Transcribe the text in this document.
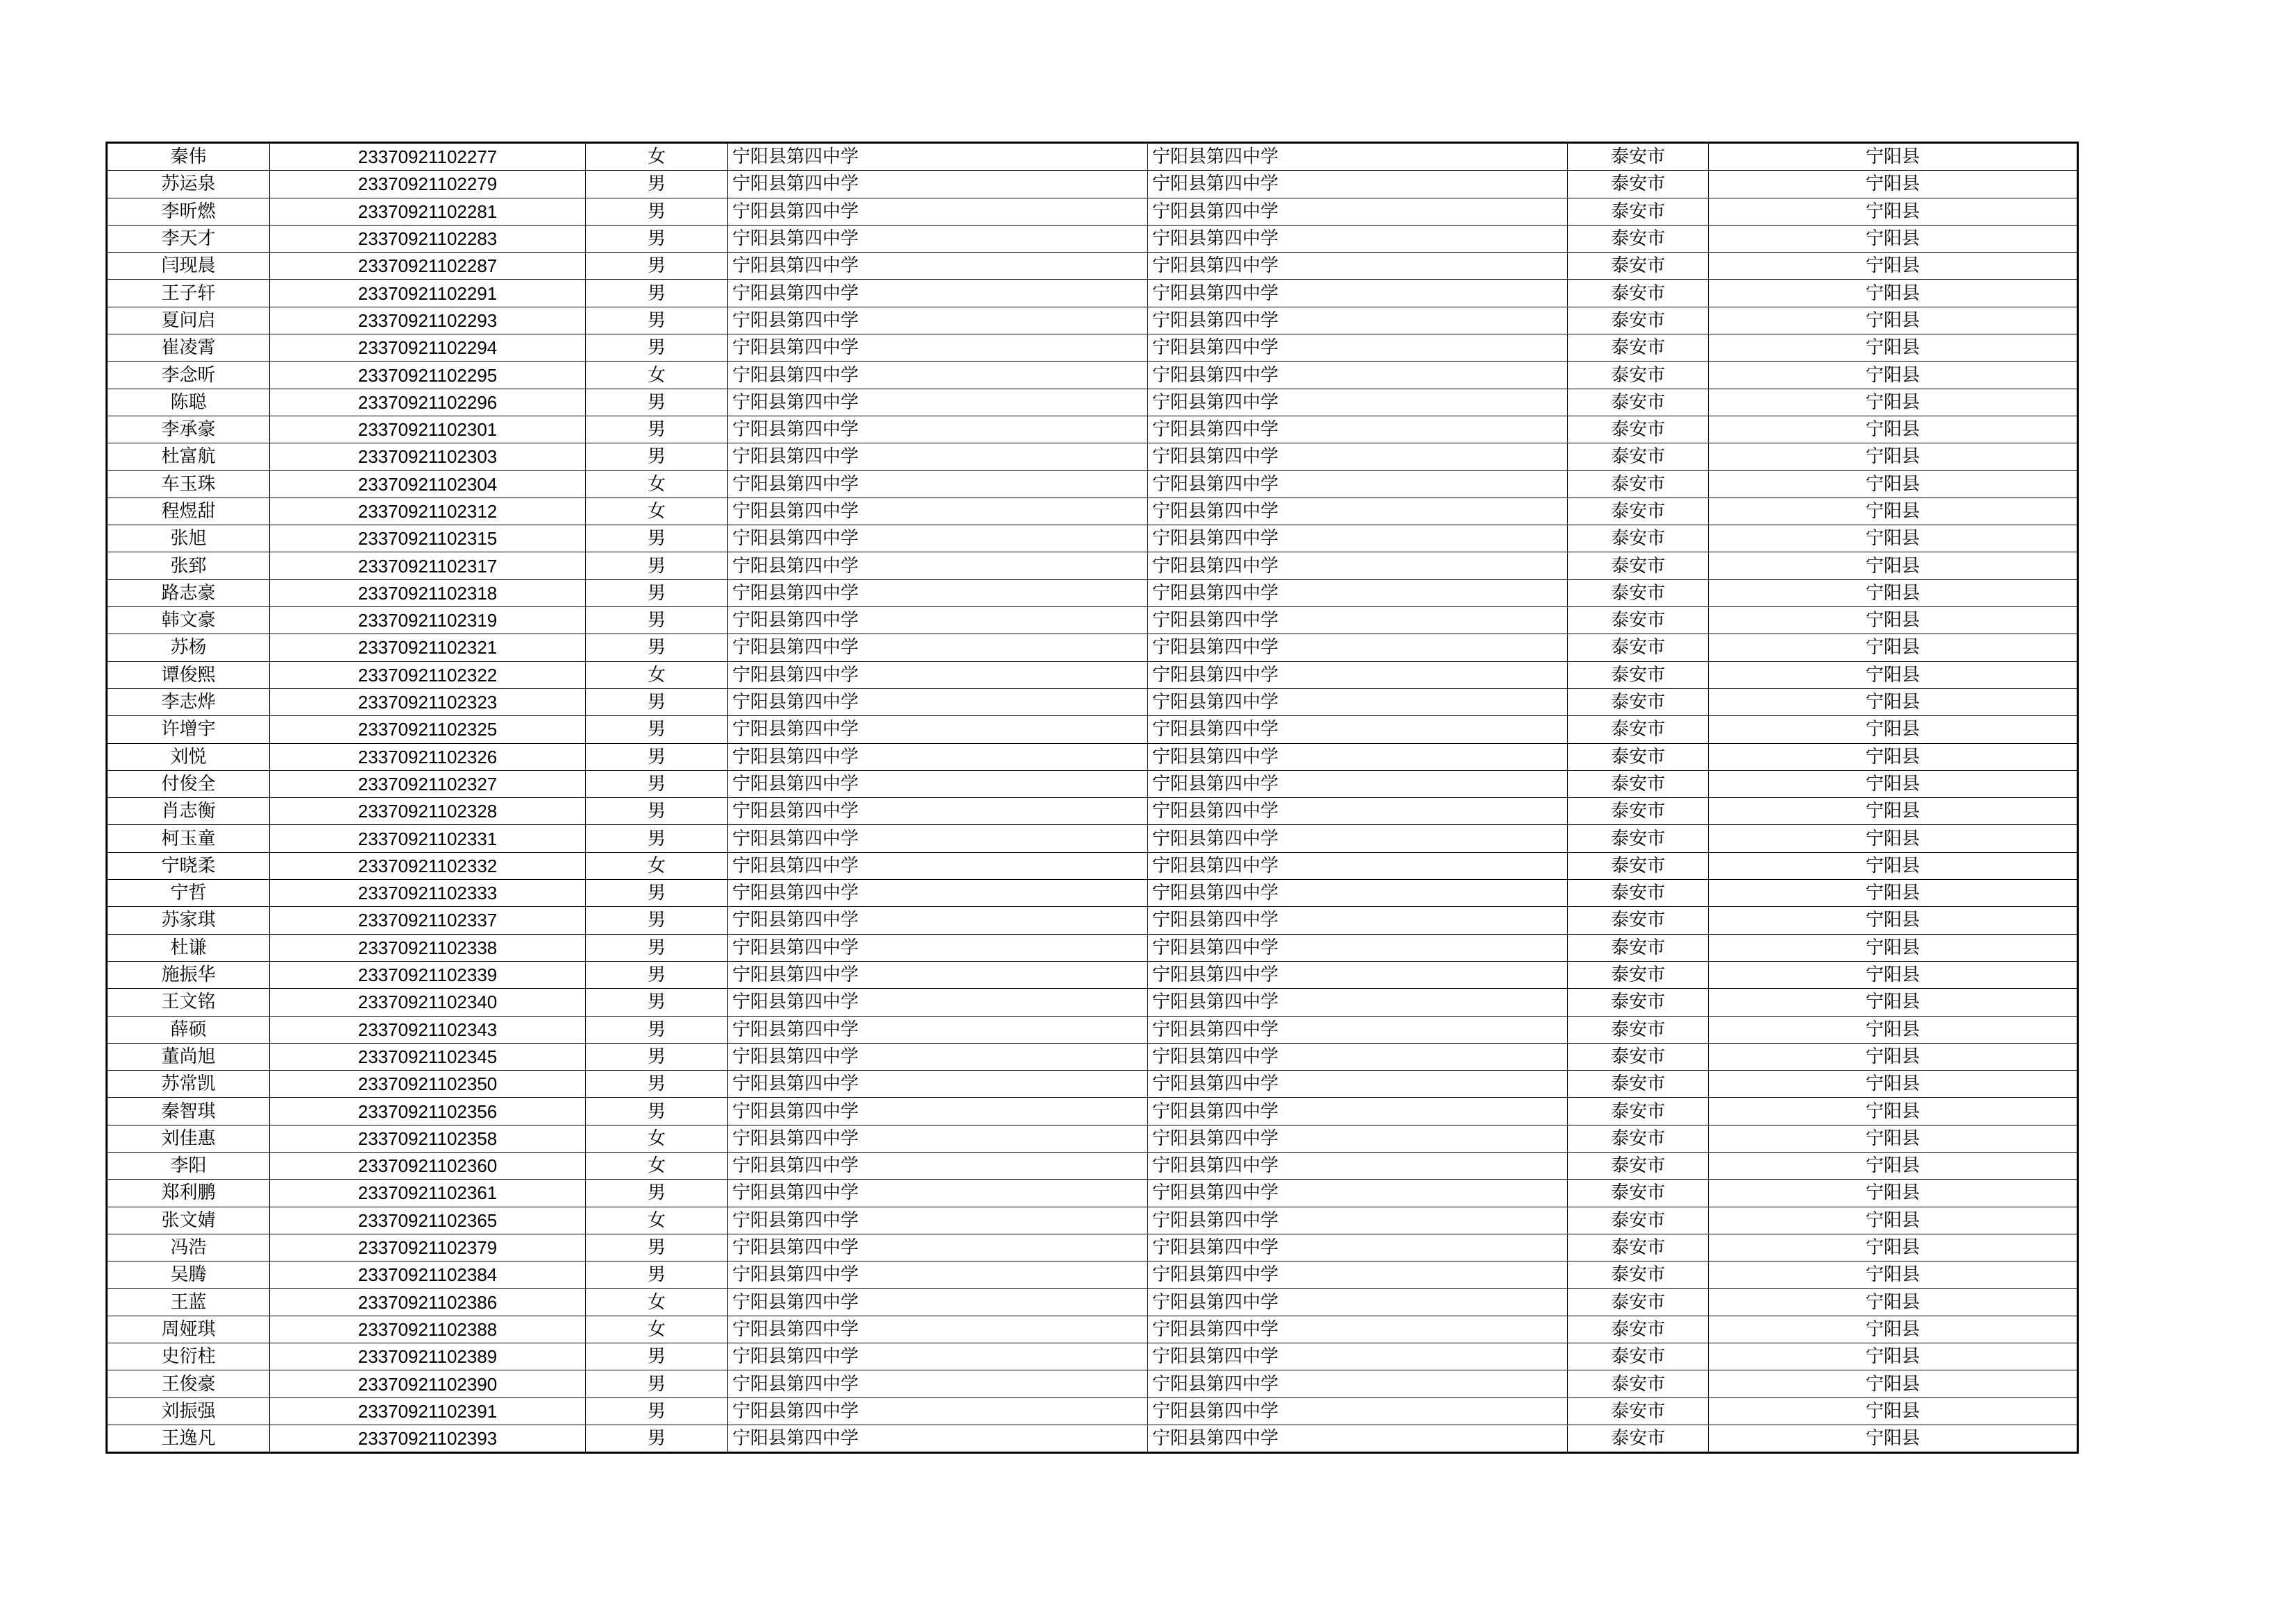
秦伟	23370921102277	女	宁阳县第四中学	宁阳县第四中学	泰安市	宁阳县
苏运泉	23370921102279	男	宁阳县第四中学	宁阳县第四中学	泰安市	宁阳县
李昕燃	23370921102281	男	宁阳县第四中学	宁阳县第四中学	泰安市	宁阳县
李天才	23370921102283	男	宁阳县第四中学	宁阳县第四中学	泰安市	宁阳县
闫现晨	23370921102287	男	宁阳县第四中学	宁阳县第四中学	泰安市	宁阳县
王子轩	23370921102291	男	宁阳县第四中学	宁阳县第四中学	泰安市	宁阳县
夏问启	23370921102293	男	宁阳县第四中学	宁阳县第四中学	泰安市	宁阳县
崔凌霄	23370921102294	男	宁阳县第四中学	宁阳县第四中学	泰安市	宁阳县
李念昕	23370921102295	女	宁阳县第四中学	宁阳县第四中学	泰安市	宁阳县
陈聪	23370921102296	男	宁阳县第四中学	宁阳县第四中学	泰安市	宁阳县
李承豪	23370921102301	男	宁阳县第四中学	宁阳县第四中学	泰安市	宁阳县
杜富航	23370921102303	男	宁阳县第四中学	宁阳县第四中学	泰安市	宁阳县
车玉珠	23370921102304	女	宁阳县第四中学	宁阳县第四中学	泰安市	宁阳县
程煜甜	23370921102312	女	宁阳县第四中学	宁阳县第四中学	泰安市	宁阳县
张旭	23370921102315	男	宁阳县第四中学	宁阳县第四中学	泰安市	宁阳县
张郅	23370921102317	男	宁阳县第四中学	宁阳县第四中学	泰安市	宁阳县
路志豪	23370921102318	男	宁阳县第四中学	宁阳县第四中学	泰安市	宁阳县
韩文豪	23370921102319	男	宁阳县第四中学	宁阳县第四中学	泰安市	宁阳县
苏杨	23370921102321	男	宁阳县第四中学	宁阳县第四中学	泰安市	宁阳县
谭俊熙	23370921102322	女	宁阳县第四中学	宁阳县第四中学	泰安市	宁阳县
李志烨	23370921102323	男	宁阳县第四中学	宁阳县第四中学	泰安市	宁阳县
许增宇	23370921102325	男	宁阳县第四中学	宁阳县第四中学	泰安市	宁阳县
刘悦	23370921102326	男	宁阳县第四中学	宁阳县第四中学	泰安市	宁阳县
付俊全	23370921102327	男	宁阳县第四中学	宁阳县第四中学	泰安市	宁阳县
肖志衡	23370921102328	男	宁阳县第四中学	宁阳县第四中学	泰安市	宁阳县
柯玉童	23370921102331	男	宁阳县第四中学	宁阳县第四中学	泰安市	宁阳县
宁晓柔	23370921102332	女	宁阳县第四中学	宁阳县第四中学	泰安市	宁阳县
宁哲	23370921102333	男	宁阳县第四中学	宁阳县第四中学	泰安市	宁阳县
苏家琪	23370921102337	男	宁阳县第四中学	宁阳县第四中学	泰安市	宁阳县
杜谦	23370921102338	男	宁阳县第四中学	宁阳县第四中学	泰安市	宁阳县
施振华	23370921102339	男	宁阳县第四中学	宁阳县第四中学	泰安市	宁阳县
王文铭	23370921102340	男	宁阳县第四中学	宁阳县第四中学	泰安市	宁阳县
薛硕	23370921102343	男	宁阳县第四中学	宁阳县第四中学	泰安市	宁阳县
董尚旭	23370921102345	男	宁阳县第四中学	宁阳县第四中学	泰安市	宁阳县
苏常凯	23370921102350	男	宁阳县第四中学	宁阳县第四中学	泰安市	宁阳县
秦智琪	23370921102356	男	宁阳县第四中学	宁阳县第四中学	泰安市	宁阳县
刘佳惠	23370921102358	女	宁阳县第四中学	宁阳县第四中学	泰安市	宁阳县
李阳	23370921102360	女	宁阳县第四中学	宁阳县第四中学	泰安市	宁阳县
郑利鹏	23370921102361	男	宁阳县第四中学	宁阳县第四中学	泰安市	宁阳县
张文婧	23370921102365	女	宁阳县第四中学	宁阳县第四中学	泰安市	宁阳县
冯浩	23370921102379	男	宁阳县第四中学	宁阳县第四中学	泰安市	宁阳县
吴腾	23370921102384	男	宁阳县第四中学	宁阳县第四中学	泰安市	宁阳县
王蓝	23370921102386	女	宁阳县第四中学	宁阳县第四中学	泰安市	宁阳县
周娅琪	23370921102388	女	宁阳县第四中学	宁阳县第四中学	泰安市	宁阳县
史衍柱	23370921102389	男	宁阳县第四中学	宁阳县第四中学	泰安市	宁阳县
王俊豪	23370921102390	男	宁阳县第四中学	宁阳县第四中学	泰安市	宁阳县
刘振强	23370921102391	男	宁阳县第四中学	宁阳县第四中学	泰安市	宁阳县
王逸凡	23370921102393	男	宁阳县第四中学	宁阳县第四中学	泰安市	宁阳县
